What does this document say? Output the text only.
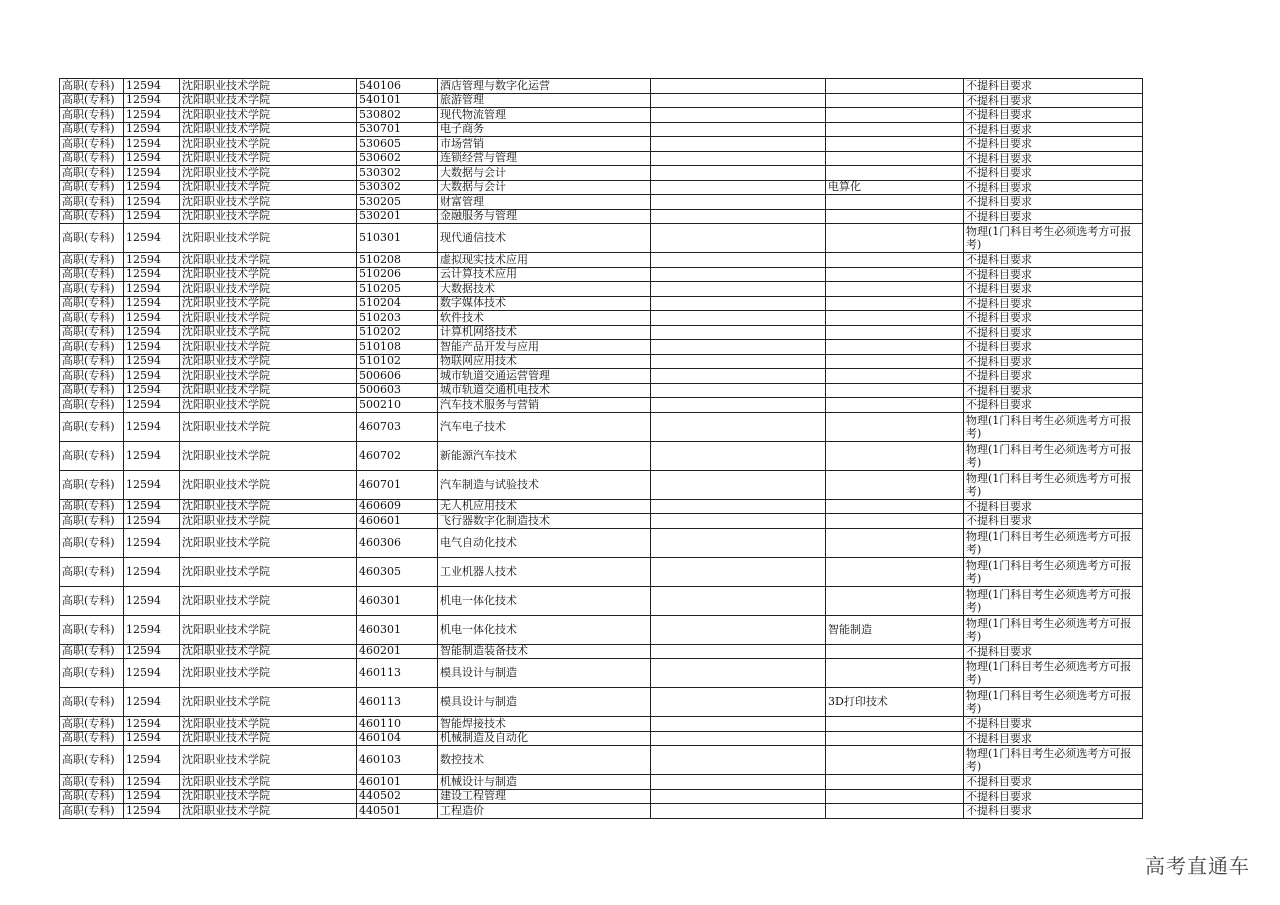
高职(专科)	12594	沈阳职业技术学院	540106	酒店管理与数字化运营			不提科目要求
高职(专科)	12594	沈阳职业技术学院	540101	旅游管理			不提科目要求
高职(专科)	12594	沈阳职业技术学院	530802	现代物流管理			不提科目要求
高职(专科)	12594	沈阳职业技术学院	530701	电子商务			不提科目要求
高职(专科)	12594	沈阳职业技术学院	530605	市场营销			不提科目要求
高职(专科)	12594	沈阳职业技术学院	530602	连锁经营与管理			不提科目要求
高职(专科)	12594	沈阳职业技术学院	530302	大数据与会计			不提科目要求
高职(专科)	12594	沈阳职业技术学院	530302	大数据与会计		电算化	不提科目要求
高职(专科)	12594	沈阳职业技术学院	530205	财富管理			不提科目要求
高职(专科)	12594	沈阳职业技术学院	530201	金融服务与管理			不提科目要求
高职(专科)	12594	沈阳职业技术学院	510301	现代通信技术			物理(1门科目考生必须选考方可报考)
高职(专科)	12594	沈阳职业技术学院	510208	虚拟现实技术应用			不提科目要求
高职(专科)	12594	沈阳职业技术学院	510206	云计算技术应用			不提科目要求
高职(专科)	12594	沈阳职业技术学院	510205	大数据技术			不提科目要求
高职(专科)	12594	沈阳职业技术学院	510204	数字媒体技术			不提科目要求
高职(专科)	12594	沈阳职业技术学院	510203	软件技术			不提科目要求
高职(专科)	12594	沈阳职业技术学院	510202	计算机网络技术			不提科目要求
高职(专科)	12594	沈阳职业技术学院	510108	智能产品开发与应用			不提科目要求
高职(专科)	12594	沈阳职业技术学院	510102	物联网应用技术			不提科目要求
高职(专科)	12594	沈阳职业技术学院	500606	城市轨道交通运营管理			不提科目要求
高职(专科)	12594	沈阳职业技术学院	500603	城市轨道交通机电技术			不提科目要求
高职(专科)	12594	沈阳职业技术学院	500210	汽车技术服务与营销			不提科目要求
高职(专科)	12594	沈阳职业技术学院	460703	汽车电子技术			物理(1门科目考生必须选考方可报考)
高职(专科)	12594	沈阳职业技术学院	460702	新能源汽车技术			物理(1门科目考生必须选考方可报考)
高职(专科)	12594	沈阳职业技术学院	460701	汽车制造与试验技术			物理(1门科目考生必须选考方可报考)
高职(专科)	12594	沈阳职业技术学院	460609	无人机应用技术			不提科目要求
高职(专科)	12594	沈阳职业技术学院	460601	飞行器数字化制造技术			不提科目要求
高职(专科)	12594	沈阳职业技术学院	460306	电气自动化技术			物理(1门科目考生必须选考方可报考)
高职(专科)	12594	沈阳职业技术学院	460305	工业机器人技术			物理(1门科目考生必须选考方可报考)
高职(专科)	12594	沈阳职业技术学院	460301	机电一体化技术			物理(1门科目考生必须选考方可报考)
高职(专科)	12594	沈阳职业技术学院	460301	机电一体化技术		智能制造	物理(1门科目考生必须选考方可报考)
高职(专科)	12594	沈阳职业技术学院	460201	智能制造装备技术			不提科目要求
高职(专科)	12594	沈阳职业技术学院	460113	模具设计与制造			物理(1门科目考生必须选考方可报考)
高职(专科)	12594	沈阳职业技术学院	460113	模具设计与制造		3D打印技术	物理(1门科目考生必须选考方可报考)
高职(专科)	12594	沈阳职业技术学院	460110	智能焊接技术			不提科目要求
高职(专科)	12594	沈阳职业技术学院	460104	机械制造及自动化			不提科目要求
高职(专科)	12594	沈阳职业技术学院	460103	数控技术			物理(1门科目考生必须选考方可报考)
高职(专科)	12594	沈阳职业技术学院	460101	机械设计与制造			不提科目要求
高职(专科)	12594	沈阳职业技术学院	440502	建设工程管理			不提科目要求
高职(专科)	12594	沈阳职业技术学院	440501	工程造价			不提科目要求
高考直通车
